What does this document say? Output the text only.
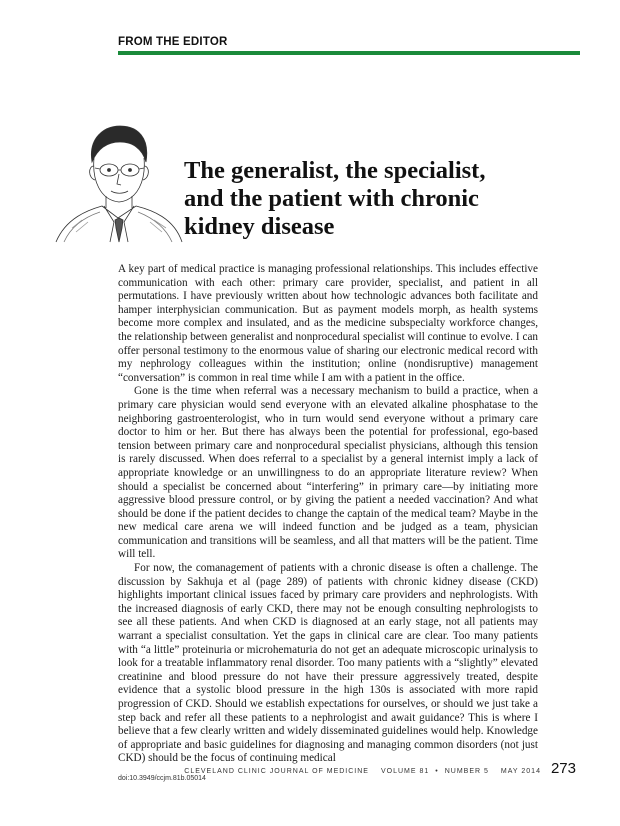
FROM THE EDITOR
The generalist, the specialist,
and the patient with chronic
kidney disease

A key part of medical practice is managing professional relationships. This includes effective communication with each other: primary care provider, specialist, and patient in all permutations. I have previously written about how technologic advances both facilitate and hamper interphysician communication. But as payment models morph, as health systems become more complex and insulated, and as the medicine subspecialty workforce changes, the relationship between generalist and nonprocedural specialist will continue to evolve. I can offer personal testimony to the enormous value of sharing our electronic medical record with my nephrology colleagues within the institution; online (nondisruptive) management “conversation” is common in real time while I am with a patient in the office.

Gone is the time when referral was a necessary mechanism to build a practice, when a primary care physician would send everyone with an elevated alkaline phosphatase to the neighboring gastroenterologist, who in turn would send everyone without a primary care doctor to him or her. But there has always been the potential for professional, ego-based tension between primary care and nonprocedural specialist physicians, although this tension is rarely discussed. When does referral to a specialist by a general internist imply a lack of appropriate knowledge or an unwillingness to do an appropriate literature review? When should a specialist be concerned about “interfering” in primary care—by initiating more aggressive blood pressure control, or by giving the patient a needed vaccination? And what should be done if the patient decides to change the captain of the medical team? Maybe in the new medical care arena we will indeed function and be judged as a team, physician communication and transitions will be seamless, and all that matters will be the patient. Time will tell.

For now, the comanagement of patients with a chronic disease is often a challenge. The discussion by Sakhuja et al (page 289) of patients with chronic kidney disease (CKD) highlights important clinical issues faced by primary care providers and nephrologists. With the increased diagnosis of early CKD, there may not be enough consulting nephrologists to see all these patients. And when CKD is diagnosed at an early stage, not all patients may warrant a specialist consultation. Yet the gaps in clinical care are clear. Too many patients with “a little” proteinuria or microhematuria do not get an adequate microscopic urinalysis to look for a treatable inflammatory renal disorder. Too many patients with a “slightly” elevated creatinine and blood pressure do not have their pressure aggressively treated, despite evidence that a systolic blood pressure in the high 130s is associated with more rapid progression of CKD. Should we establish expectations for ourselves, or should we just take a step back and refer all these patients to a nephrologist and await guidance? This is where I believe that a few clearly written and widely disseminated guidelines would help. Knowledge of appropriate and basic guidelines for diagnosing and managing common disorders (not just CKD) should be the focus of continuing medical

doi:10.3949/ccjm.81b.05014
CLEVELAND CLINIC JOURNAL OF MEDICINE VOLUME 81 • NUMBER 5 MAY 2014 273
